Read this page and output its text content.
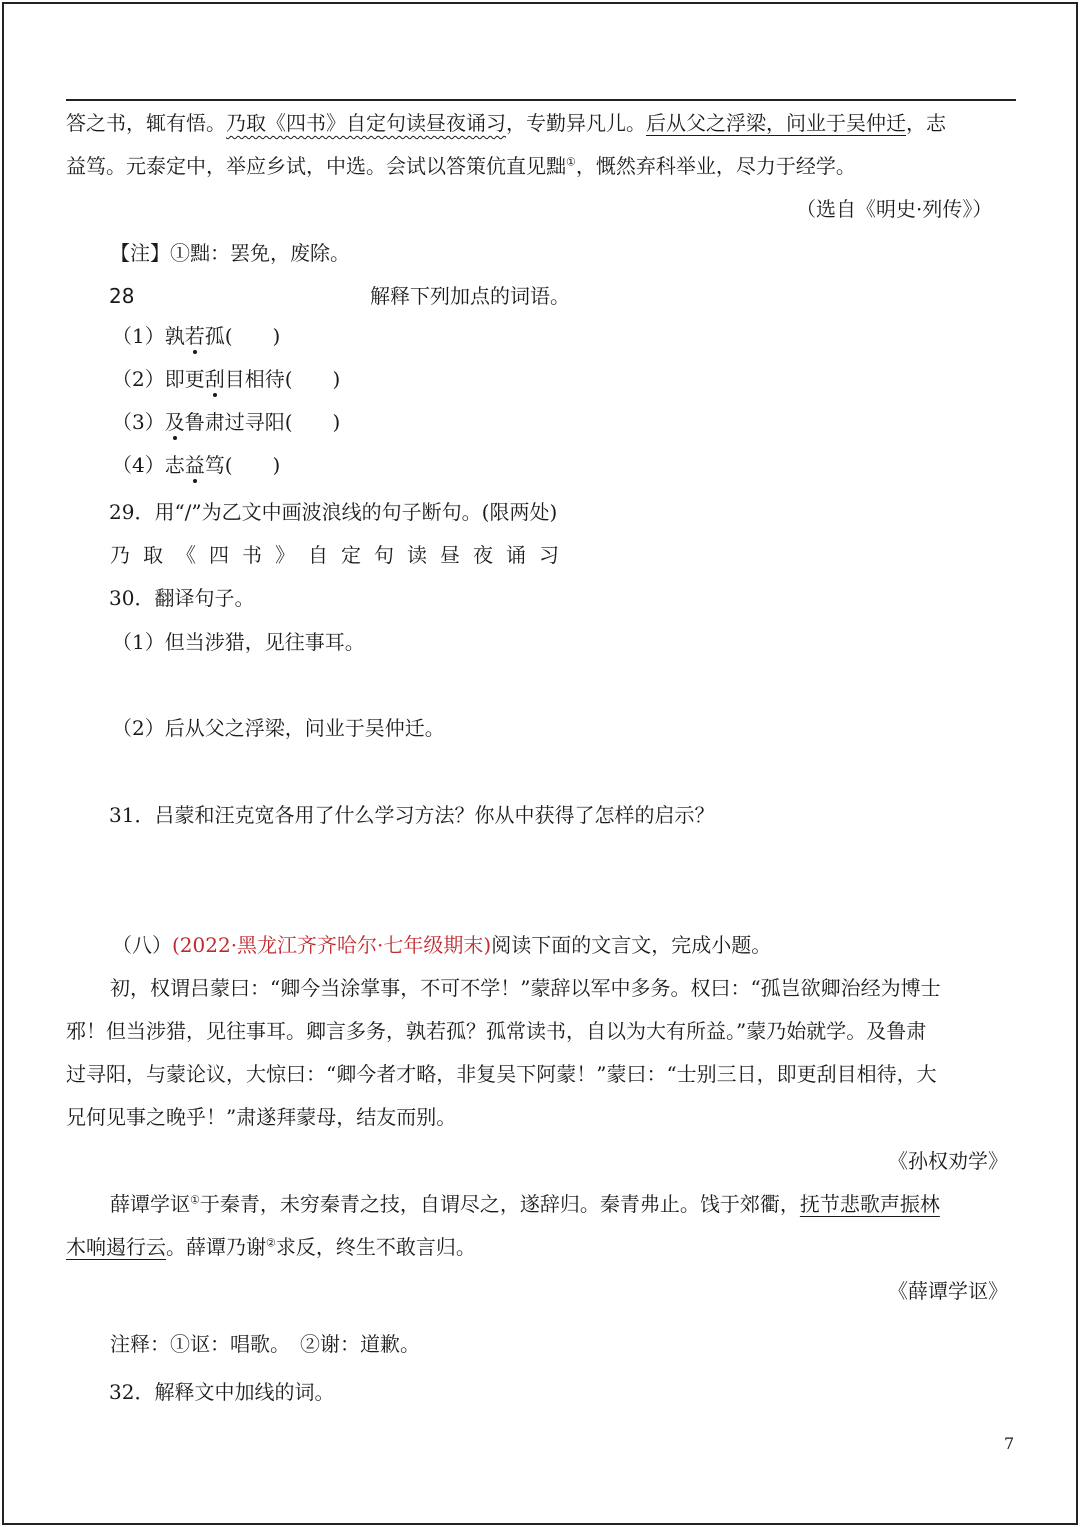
答之书，辄有悟。乃取《四书》自定句读昼夜诵习，专勤异凡儿。后从父之浮梁，问业于吴仲迁，志
益笃。元泰定中，举应乡试，中选。会试以答策伉直见黜①，慨然弃科举业，尽力于经学。
（选自《明史·列传》）
【注】①黜：罢免，废除。
28	解释下列加点的词语。
（1）孰若孤(　　)
（2）即更刮目相待(　　)
（3）及鲁肃过寻阳(　　)
（4）志益笃(　　)
29．用“/”为乙文中画波浪线的句子断句。(限两处)
乃取《四书》自定句读昼夜诵习
30．翻译句子。
（1）但当涉猎，见往事耳。
（2）后从父之浮梁，问业于吴仲迁。
31．吕蒙和汪克宽各用了什么学习方法？你从中获得了怎样的启示？
（八）(2022·黑龙江齐齐哈尔·七年级期末)阅读下面的文言文，完成小题。
初，权谓吕蒙曰：“卿今当涂掌事，不可不学！”蒙辞以军中多务。权曰：“孤岂欲卿治经为博士
邪！但当涉猎，见往事耳。卿言多务，孰若孤？孤常读书，自以为大有所益。”蒙乃始就学。及鲁肃
过寻阳，与蒙论议，大惊曰：“卿今者才略，非复吴下阿蒙！”蒙曰：“士别三日，即更刮目相待，大
兄何见事之晚乎！”肃遂拜蒙母，结友而别。
《孙权劝学》
薛谭学讴①于秦青，未穷秦青之技，自谓尽之，遂辞归。秦青弗止。饯于郊衢，抚节悲歌声振林
木响遏行云。薛谭乃谢②求反，终生不敢言归。
《薛谭学讴》
注释：①讴：唱歌。　②谢：道歉。
32．解释文中加线的词。
7
